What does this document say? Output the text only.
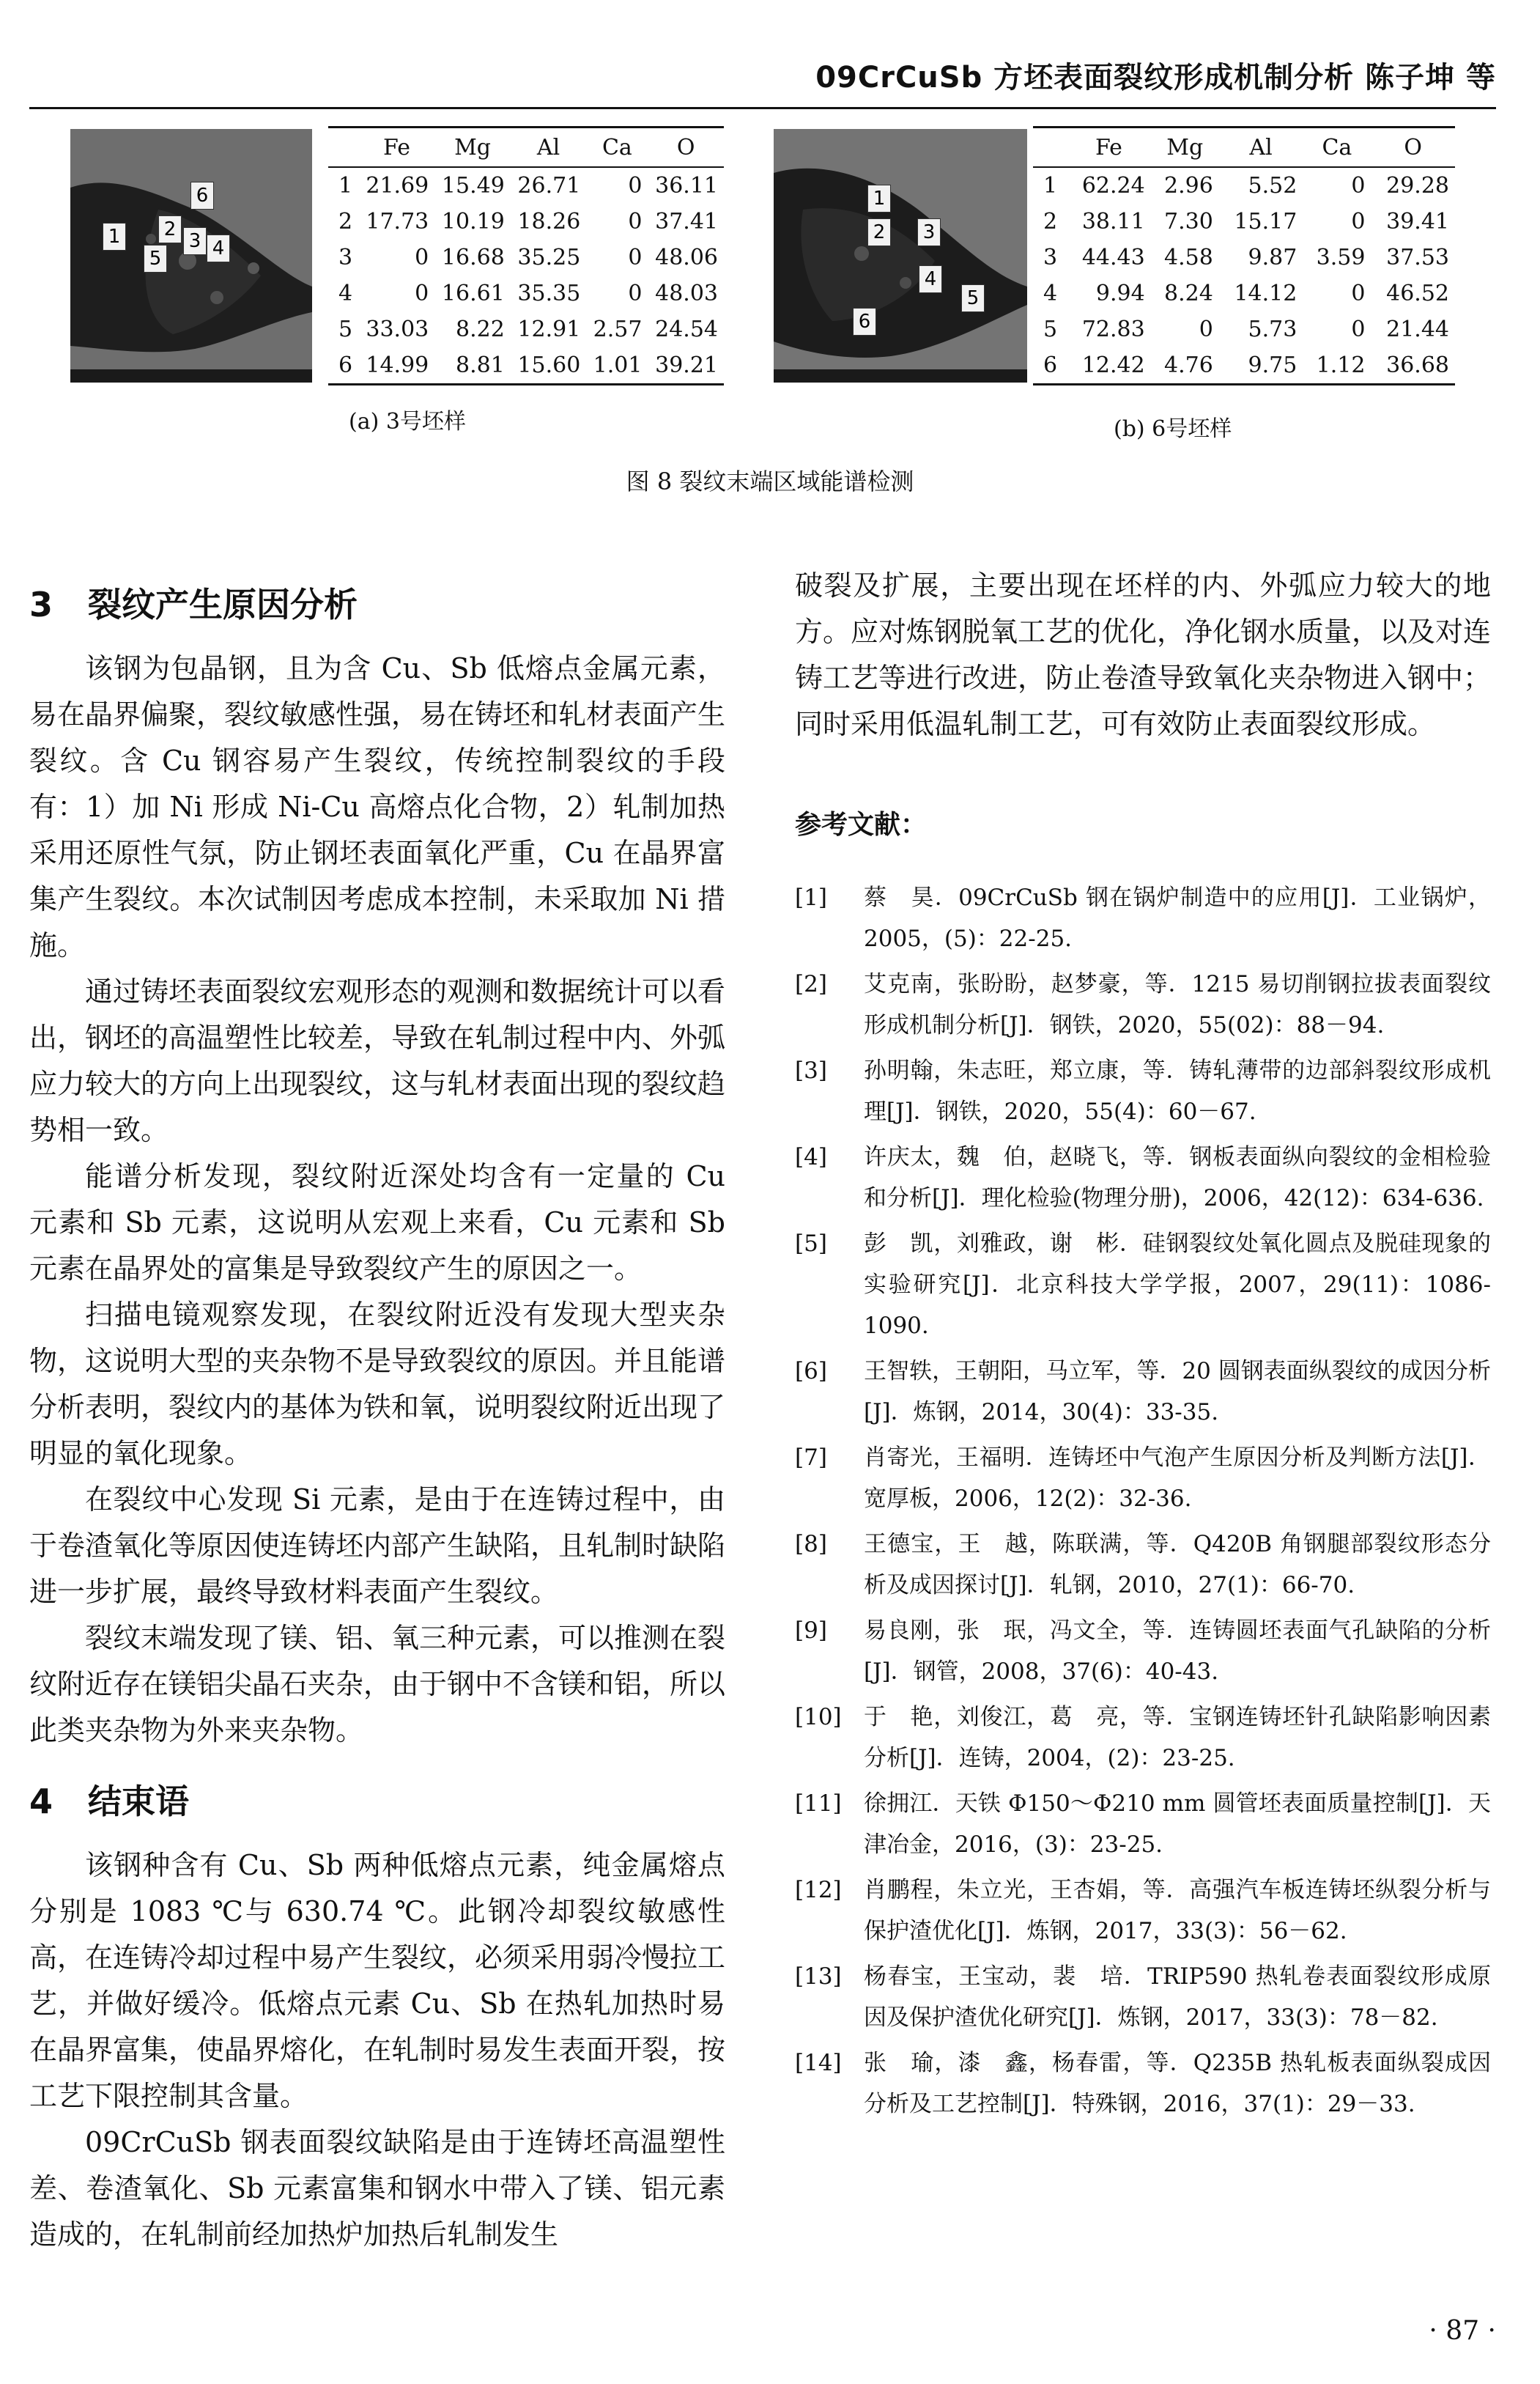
09CrCuSb 方坯表面裂纹形成机制分析 陈子坤 等
1 2
3 4
5
6
	Fe	Mg	Al	Ca	O
1	21.69	15.49	26.71	0	36.11
2	17.73	10.19	18.26	0	37.41
3	0	16.68	35.25	0	48.06
4	0	16.61	35.35	0	48.03
5	33.03	8.22	12.91	2.57	24.54
6	14.99	8.81	15.60	1.01	39.21
(a) 3号坯样
1
2 3
4
5
6
	Fe	Mg	Al	Ca	O
1	62.24	2.96	5.52	0	29.28
2	38.11	7.30	15.17	0	39.41
3	44.43	4.58	9.87	3.59	37.53
4	9.94	8.24	14.12	0	46.52
5	72.83	0	5.73	0	21.44
6	12.42	4.76	9.75	1.12	36.68
(b) 6号坯样
图 8 裂纹末端区域能谱检测
3 裂纹产生原因分析

该钢为包晶钢，且为含 Cu、Sb 低熔点金属元素，易在晶界偏聚，裂纹敏感性强，易在铸坯和轧材表面产生裂纹。含 Cu 钢容易产生裂纹，传统控制裂纹的手段有：1）加 Ni 形成 Ni-Cu 高熔点化合物，2）轧制加热采用还原性气氛，防止钢坯表面氧化严重，Cu 在晶界富集产生裂纹。本次试制因考虑成本控制，未采取加 Ni 措施。

通过铸坯表面裂纹宏观形态的观测和数据统计可以看出，钢坯的高温塑性比较差，导致在轧制过程中内、外弧应力较大的方向上出现裂纹，这与轧材表面出现的裂纹趋势相一致。

能谱分析发现，裂纹附近深处均含有一定量的 Cu 元素和 Sb 元素，这说明从宏观上来看，Cu 元素和 Sb 元素在晶界处的富集是导致裂纹产生的原因之一。

扫描电镜观察发现，在裂纹附近没有发现大型夹杂物，这说明大型的夹杂物不是导致裂纹的原因。并且能谱分析表明，裂纹内的基体为铁和氧，说明裂纹附近出现了明显的氧化现象。

在裂纹中心发现 Si 元素，是由于在连铸过程中，由于卷渣氧化等原因使连铸坯内部产生缺陷，且轧制时缺陷进一步扩展，最终导致材料表面产生裂纹。

裂纹末端发现了镁、铝、氧三种元素，可以推测在裂纹附近存在镁铝尖晶石夹杂，由于钢中不含镁和铝，所以此类夹杂物为外来夹杂物。

4 结束语

该钢种含有 Cu、Sb 两种低熔点元素，纯金属熔点分别是 1083 ℃与 630.74 ℃。此钢冷却裂纹敏感性高，在连铸冷却过程中易产生裂纹，必须采用弱冷慢拉工艺，并做好缓冷。低熔点元素 Cu、Sb 在热轧加热时易在晶界富集，使晶界熔化，在轧制时易发生表面开裂，按工艺下限控制其含量。

09CrCuSb 钢表面裂纹缺陷是由于连铸坯高温塑性差、卷渣氧化、Sb 元素富集和钢水中带入了镁、铝元素造成的，在轧制前经加热炉加热后轧制发生

破裂及扩展，主要出现在坯样的内、外弧应力较大的地方。应对炼钢脱氧工艺的优化，净化钢水质量，以及对连铸工艺等进行改进，防止卷渣导致氧化夹杂物进入钢中；同时采用低温轧制工艺，可有效防止表面裂纹形成。

参考文献：
[1] 蔡　昊．09CrCuSb 钢在锅炉制造中的应用[J]．工业锅炉，2005，(5)：22-25.
[2] 艾克南，张盼盼，赵梦豪，等．1215 易切削钢拉拔表面裂纹形成机制分析[J]．钢铁，2020，55(02)：88－94.
[3] 孙明翰，朱志旺，郑立康，等．铸轧薄带的边部斜裂纹形成机理[J]．钢铁，2020，55(4)：60－67.
[4] 许庆太，魏　伯，赵晓飞，等．钢板表面纵向裂纹的金相检验和分析[J]．理化检验(物理分册)，2006，42(12)：634-636.
[5] 彭　凯，刘雅政，谢　彬．硅钢裂纹处氧化圆点及脱硅现象的实验研究[J]．北京科技大学学报，2007，29(11)：1086-1090.
[6] 王智轶，王朝阳，马立军，等．20 圆钢表面纵裂纹的成因分析[J]．炼钢，2014，30(4)：33-35.
[7] 肖寄光，王福明．连铸坯中气泡产生原因分析及判断方法[J]．宽厚板，2006，12(2)：32-36.
[8] 王德宝，王　越，陈联满，等．Q420B 角钢腿部裂纹形态分析及成因探讨[J]．轧钢，2010，27(1)：66-70.
[9] 易良刚，张　珉，冯文全，等．连铸圆坯表面气孔缺陷的分析[J]．钢管，2008，37(6)：40-43.
[10] 于　艳，刘俊江，葛　亮，等．宝钢连铸坯针孔缺陷影响因素分析[J]．连铸，2004，(2)：23-25.
[11] 徐拥江．天铁 Φ150～Φ210 mm 圆管坯表面质量控制[J]．天津冶金，2016，(3)：23-25.
[12] 肖鹏程，朱立光，王杏娟，等．高强汽车板连铸坯纵裂分析与保护渣优化[J]．炼钢，2017，33(3)：56－62.
[13] 杨春宝，王宝动，裴　培．TRIP590 热轧卷表面裂纹形成原因及保护渣优化研究[J]．炼钢，2017，33(3)：78－82.
[14] 张　瑜，漆　鑫，杨春雷，等．Q235B 热轧板表面纵裂成因分析及工艺控制[J]．特殊钢，2016，37(1)：29－33.
· 87 ·
